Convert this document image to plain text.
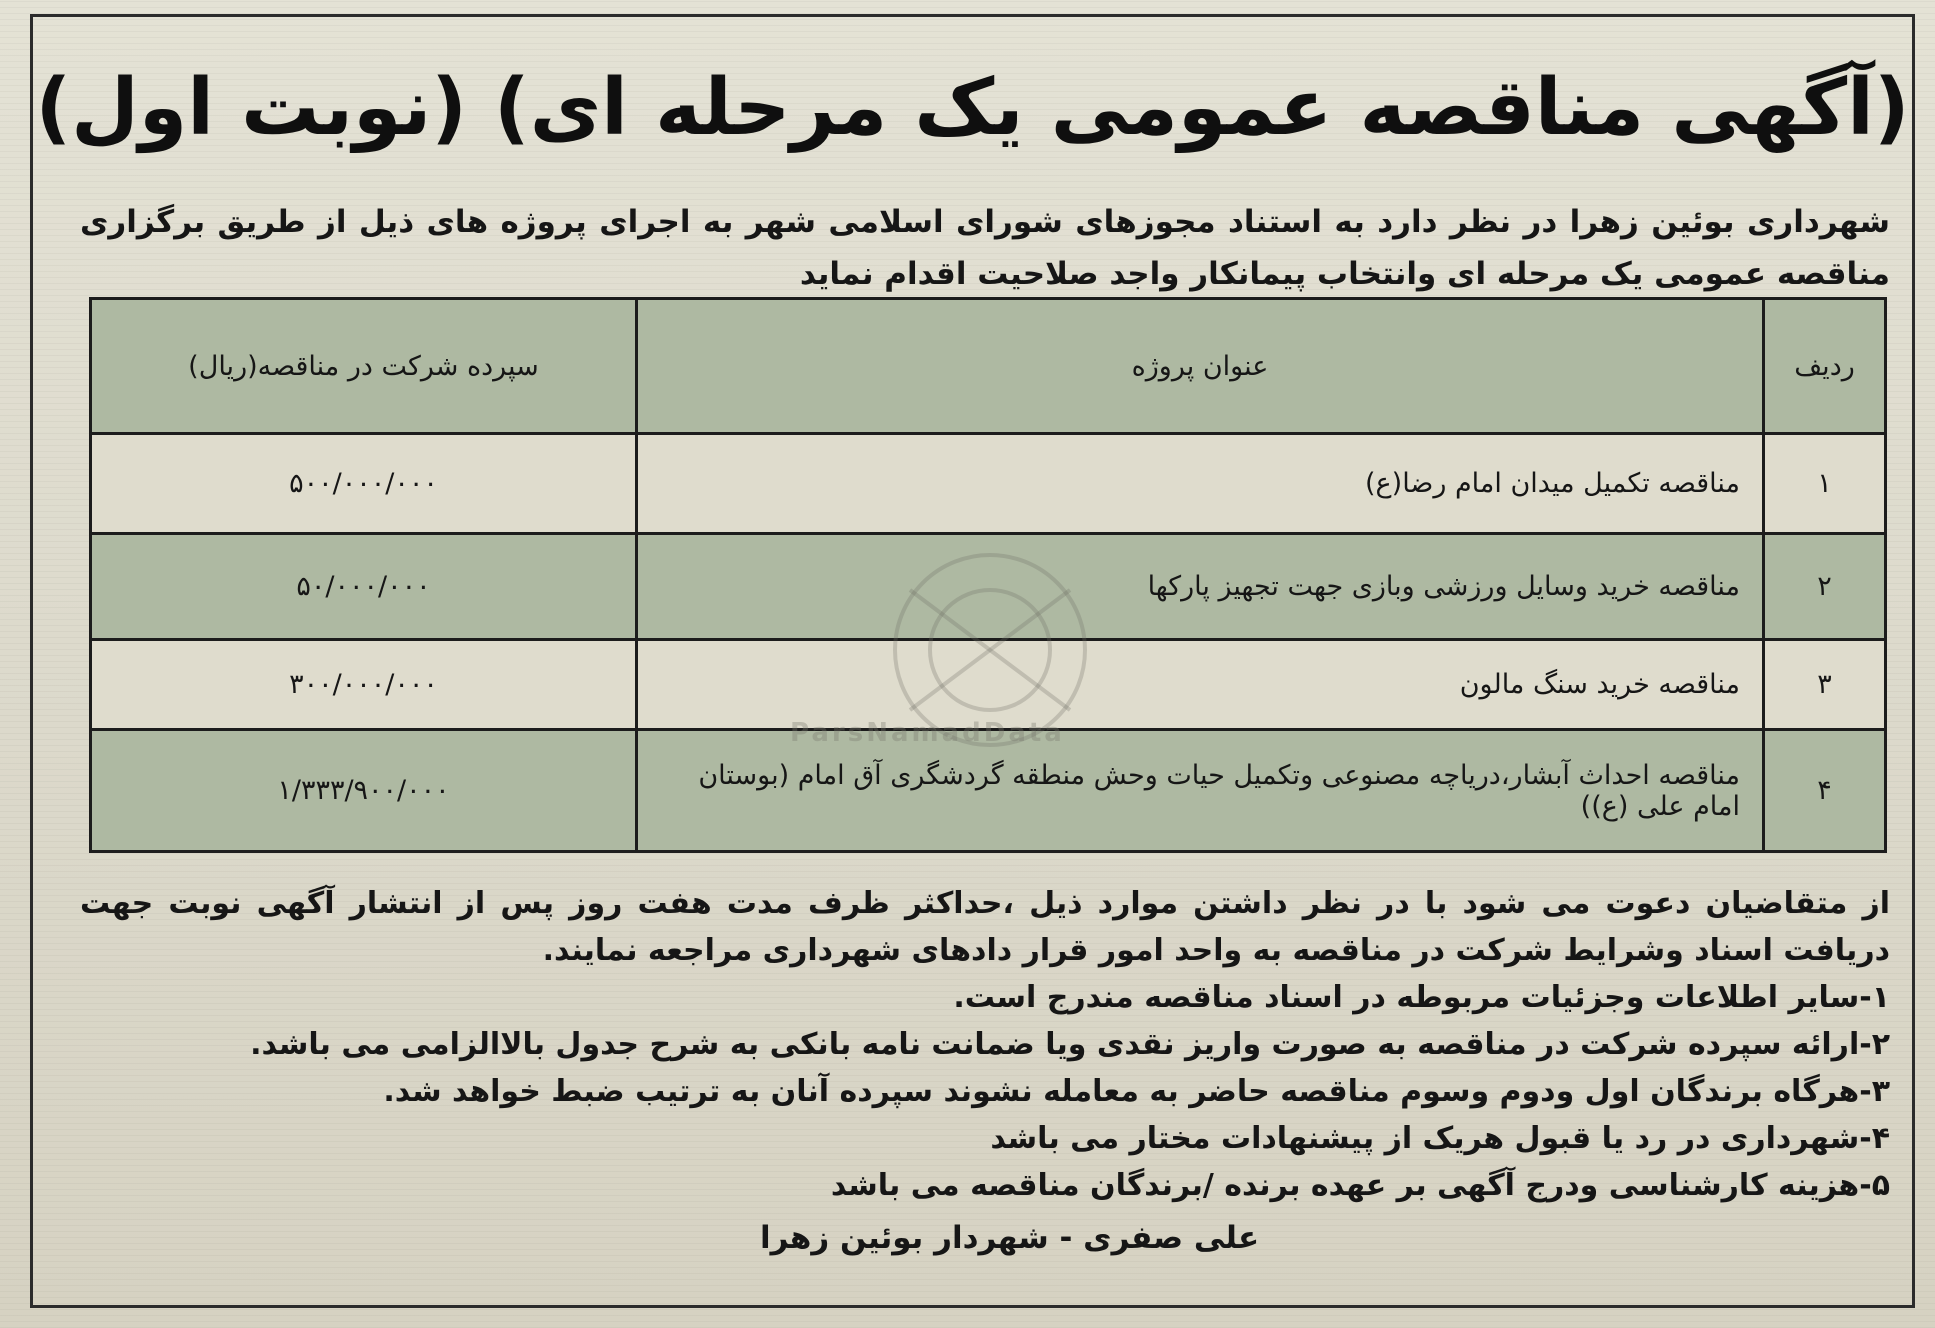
(آگهی مناقصه عمومی یک مرحله ای) (نوبت اول)
شهرداری بوئین زهرا در نظر دارد به استناد مجوزهای شورای اسلامی شهر به اجرای پروژه های ذیل از طریق برگزاری مناقصه عمومی یک مرحله ای وانتخاب پیمانکار واجد صلاحیت اقدام نماید
ردیف	عنوان پروژه	سپرده شرکت در مناقصه(ریال)
۱	مناقصه تکمیل میدان امام رضا(ع)	۵۰۰/۰۰۰/۰۰۰
۲	مناقصه خرید وسایل ورزشی وبازی جهت تجهیز پارکها	۵۰/۰۰۰/۰۰۰
۳	مناقصه خرید سنگ مالون	۳۰۰/۰۰۰/۰۰۰
۴	مناقصه احداث آبشار،دریاچه مصنوعی وتکمیل حیات وحش منطقه گردشگری آق امام (بوستان امام علی (ع))	۱/۳۳۳/۹۰۰/۰۰۰
ParsNamadData

از متقاضیان دعوت می شود با در نظر داشتن موارد ذیل ،حداکثر ظرف مدت هفت روز پس از انتشار آگهی نوبت جهت دریافت اسناد وشرایط شرکت در مناقصه به واحد امور قرار دادهای شهرداری مراجعه نمایند.

۱-سایر اطلاعات وجزئیات مربوطه در اسناد مناقصه مندرج است.
۲-ارائه سپرده شرکت در مناقصه به صورت واریز نقدی ویا ضمانت نامه بانکی به شرح جدول بالاالزامی می باشد.
۳-هرگاه برندگان اول ودوم وسوم مناقصه حاضر به معامله نشوند سپرده آنان به ترتیب ضبط خواهد شد.
۴-شهرداری در رد یا قبول هریک از پیشنهادات مختار می باشد
۵-هزینه کارشناسی ودرج آگهی بر عهده برنده /برندگان مناقصه می باشد
علی صفری - شهردار بوئین زهرا
